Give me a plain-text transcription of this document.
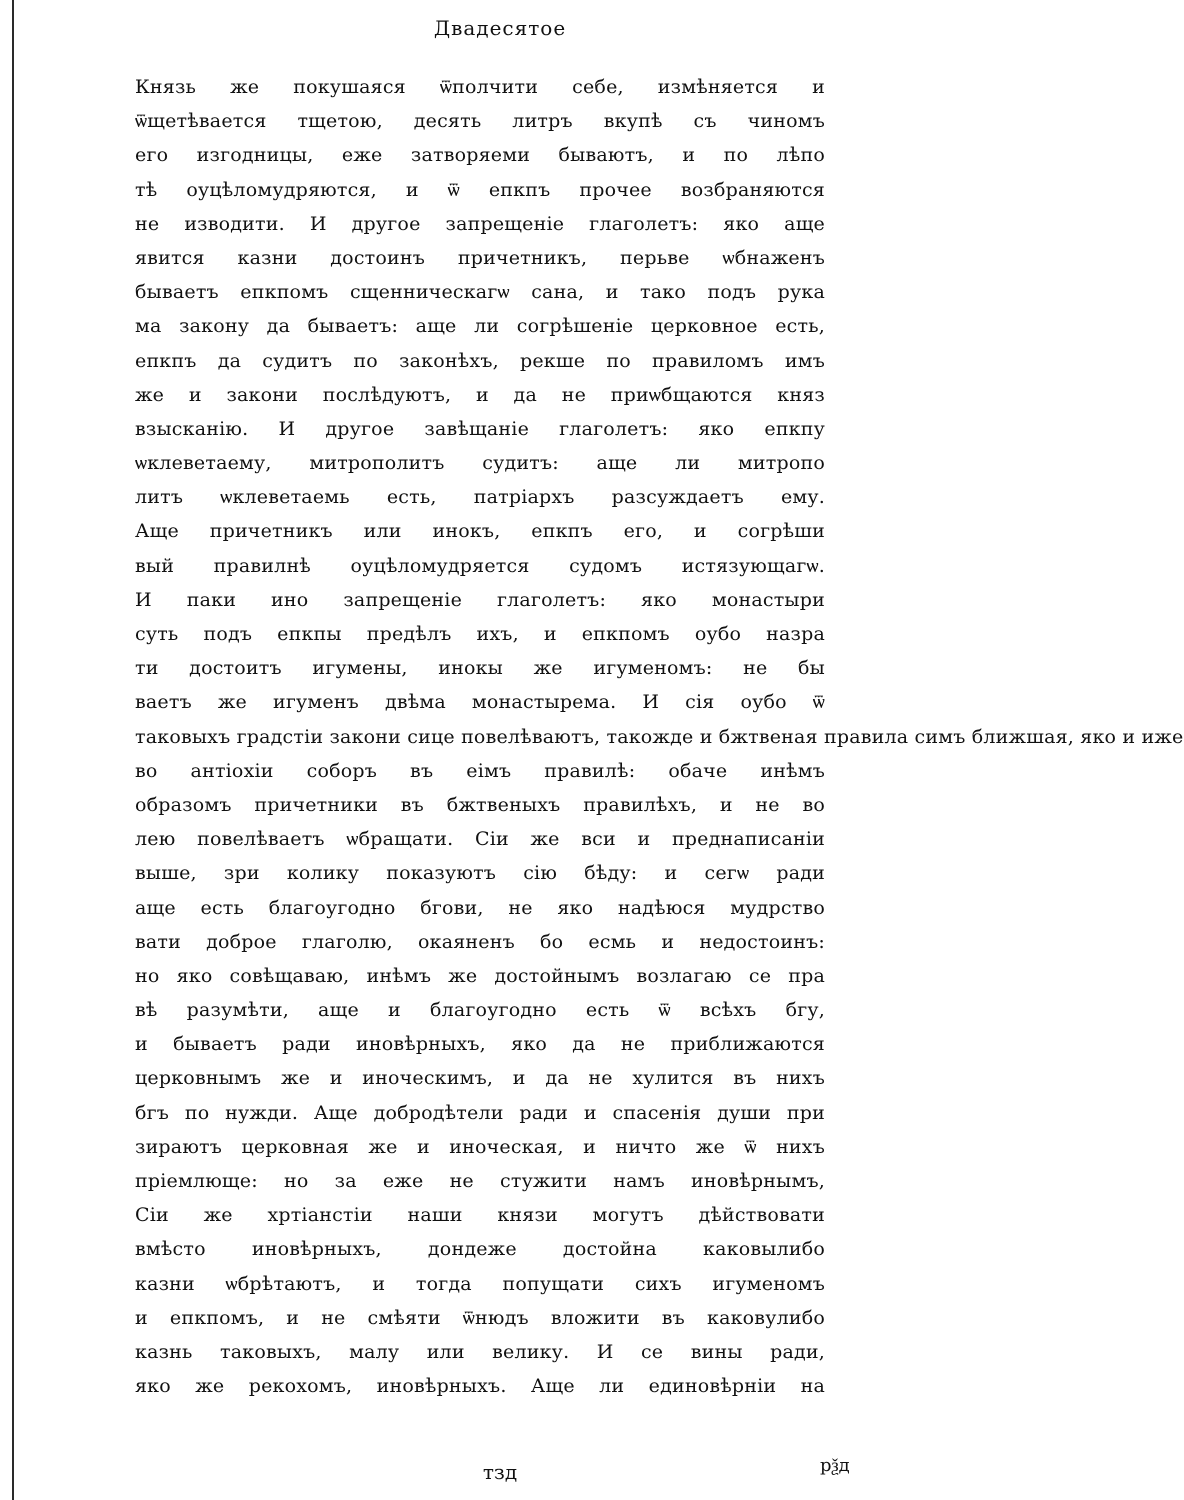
Двадесятое
Князь же покушаяся ѿполчити себе, измѣняется и
ѿщетѣвается тщетою, десять литръ вкупѣ съ чиномъ
его изгодницы, еже затворяеми бываютъ, и по лѣпо
тѣ оуцѣломудряются, и ѿ епкпъ прочее возбраняются
не изводити. И другое запрещеніе глаголетъ: яко аще
явится казни достоинъ причетникъ, перьве ѡбнаженъ
бываетъ епкпомъ сщенническагѡ сана, и тако подъ рука
ма закону да бываетъ: аще ли согрѣшеніе церковное есть,
епкпъ да судитъ по законѣхъ, рекше по правиломъ имъ
же и закони послѣдуютъ, и да не приѡбщаются княз
взысканію. И другое завѣщаніе глаголетъ: яко епкпу
ѡклеветаему, митрополитъ судитъ: аще ли митропо
литъ ѡклеветаемь есть, патріархъ разсуждаетъ ему.
Аще причетникъ или инокъ, епкпъ его, и согрѣши
вый правилнѣ оуцѣломудряется судомъ истязующагѡ.
И паки ино запрещеніе глаголетъ: яко монастыри
суть подъ епкпы предѣлъ ихъ, и епкпомъ оубо назра
ти достоитъ игумены, инокы же игуменомъ: не бы
ваетъ же игуменъ двѣма монастырема. И сія оубо ѿ
таковыхъ градстіи закони сице повелѣваютъ, такожде и бжтвеная правила симъ ближшая, яко и иже
во антіохіи соборъ въ еімъ правилѣ: обаче инѣмъ
образомъ причетники въ бжтвеныхъ правилѣхъ, и не во
лею повелѣваетъ ѡбращати. Сіи же вси и преднаписаніи
выше, зри колику показуютъ сію бѣду: и сегѡ ради
аще есть благоугодно бгови, не яко надѣюся мудрство
вати доброе глаголю, окаяненъ бо есмь и недостоинъ:
но яко совѣщаваю, инѣмъ же достойнымъ возлагаю се пра
вѣ разумѣти, аще и благоугодно есть ѿ всѣхъ бгу,
и бываетъ ради иновѣрныхъ, яко да не приближаются
церковнымъ же и иноческимъ, и да не хулится въ нихъ
бгъ по нужди. Аще добродѣтели ради и спасенія души при
зираютъ церковная же и иноческая, и ничто же ѿ нихъ
пріемлюще: но за еже не стужити намъ иновѣрнымъ,
Сіи же хртіанстіи наши князи могутъ дѣйствовати
вмѣсто иновѣрныхъ, дондеже достойна каковылибо
казни ѡбрѣтаютъ, и тогда попущати сихъ игуменомъ
и епкпомъ, и не смѣяти ѿнюдъ вложити въ каковулибо
казнь таковыхъ, малу или велику. И се вины ради,
яко же рекохомъ, иновѣрныхъ. Аще ли единовѣрніи на
тзд	рѯд
